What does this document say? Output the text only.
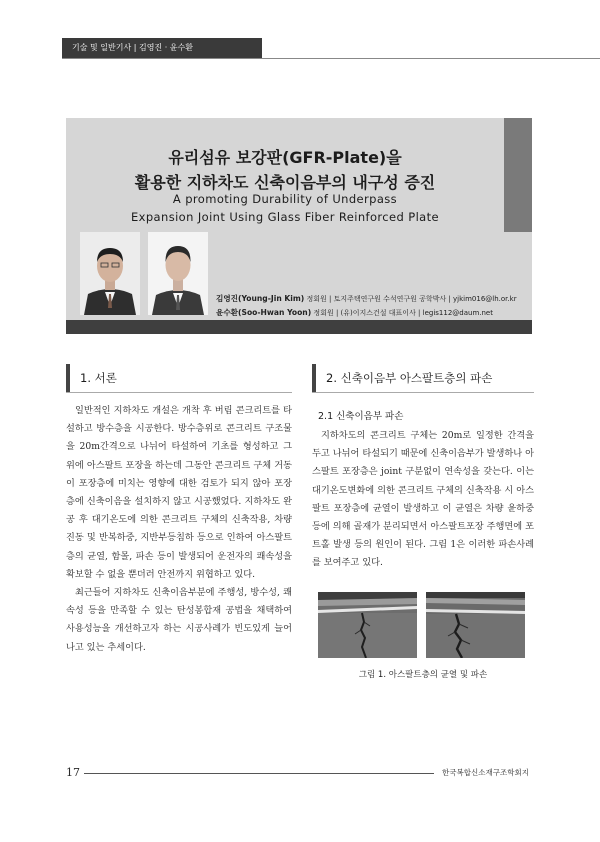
기술 및 일반기사 | 김영진 · 윤수환
유리섬유 보강판(GFR-Plate)을
활용한 지하차도 신축이음부의 내구성 증진
A promoting Durability of Underpass
Expansion Joint Using Glass Fiber Reinforced Plate
김영진(Young-Jin Kim) 정회원 | 토지주택연구원 수석연구원 공학박사 | yjkim016@lh.or.kr
윤수환(Soo-Hwan Yoon) 정회원 | (유)이지스건설 대표이사 | legis112@daum.net
1. 서론

일반적인 지하차도 개설은 개착 후 버림 콘크리트를 타설하고 방수층을 시공한다. 방수층위로 콘크리트 구조물을 20m간격으로 나뉘어 타설하여 기초를 형성하고 그 위에 아스팔트 포장을 하는데 그동안 콘크리트 구체 거동이 포장층에 미치는 영향에 대한 검토가 되지 않아 포장층에 신축이음을 설치하지 않고 시공했었다. 지하차도 완공 후 대기온도에 의한 콘크리트 구체의 신축작용, 차량진동 및 반복하중, 지반부등침하 등으로 인하여 아스팔트층의 균열, 함몰, 파손 등이 발생되어 운전자의 쾌속성을 확보할 수 없을 뿐더러 안전까지 위협하고 있다.

최근들어 지하차도 신축이음부분에 주행성, 방수성, 쾌속성 등을 만족할 수 있는 탄성봉합재 공법을 채택하여 사용성능을 개선하고자 하는 시공사례가 빈도있게 늘어나고 있는 추세이다.

2. 신축이음부 아스팔트층의 파손
2.1 신축이음부 파손

지하차도의 콘크리트 구체는 20m로 일정한 간격을 두고 나뉘어 타설되기 때문에 신축이음부가 발생하나 아스팔트 포장층은 joint 구분없이 연속성을 갖는다. 이는 대기온도변화에 의한 콘크리트 구체의 신축작용 시 아스팔트 포장층에 균열이 발생하고 이 균열은 차량 윤하중 등에 의해 골재가 분리되면서 아스팔트포장 주행면에 포트홀 발생 등의 원인이 된다. 그림 1은 이러한 파손사례를 보여주고 있다.

그림 1. 아스팔트층의 균열 및 파손
17	한국복합신소재구조학회지
